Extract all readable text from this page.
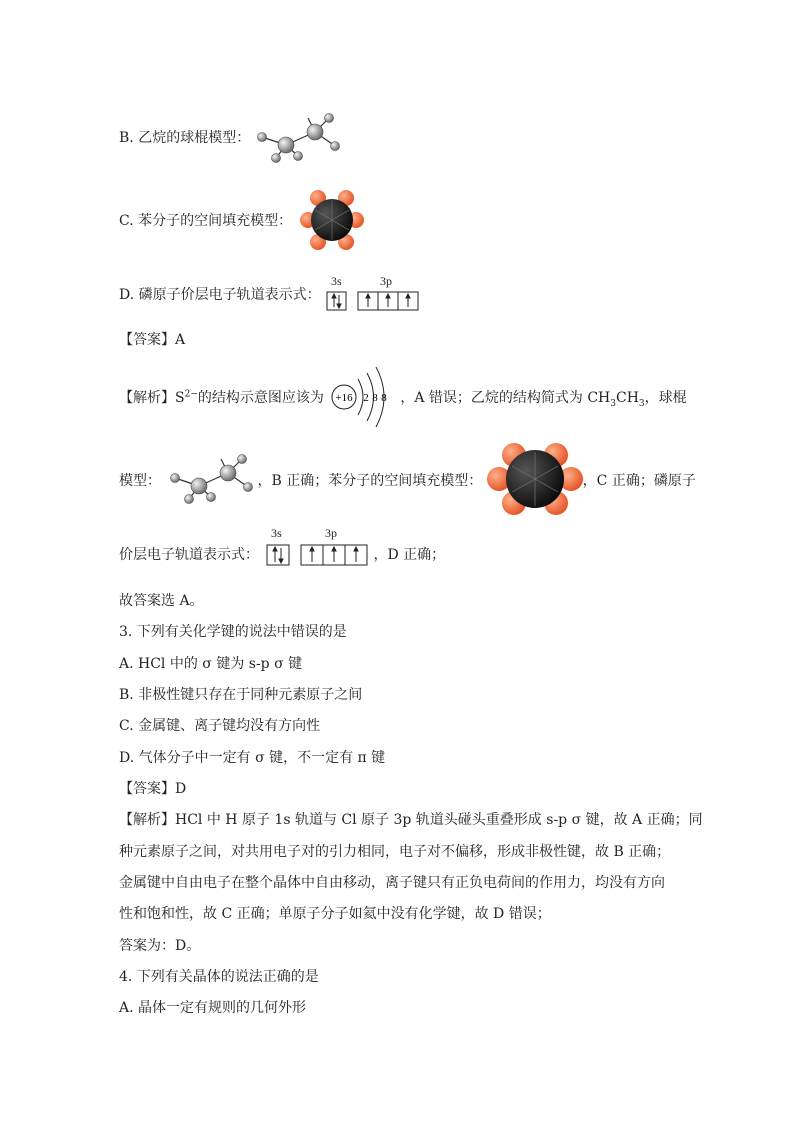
B. 乙烷的球棍模型：
C. 苯分子的空间填充模型：
D. 磷原子价层电子轨道表示式：
3s	3p
【答案】A
【解析】$S^{2-}$的结构示意图应该为 +16 2 8 8 ，A 错误；乙烷的结构简式为 $CH_3CH_3$，球棍
模型：	，B 正确；苯分子的空间填充模型：	，C 正确；磷原子
价层电子轨道表示式：
3s	3p
，D 正确；
故答案选 A。
3. 下列有关化学键的说法中错误的是
A. HCl 中的 σ 键为 s-p σ 键
B. 非极性键只存在于同种元素原子之间
C. 金属键、离子键均没有方向性
D. 气体分子中一定有 σ 键，不一定有 π 键
【答案】D
【解析】HCl 中 H 原子 1s 轨道与 Cl 原子 3p 轨道头碰头重叠形成 s-p σ 键，故 A 正确；同
种元素原子之间，对共用电子对的引力相同，电子对不偏移，形成非极性键，故 B 正确；
金属键中自由电子在整个晶体中自由移动，离子键只有正负电荷间的作用力，均没有方向
性和饱和性，故 C 正确；单原子分子如氦中没有化学键，故 D 错误；
答案为：D。
4. 下列有关晶体的说法正确的是
A. 晶体一定有规则的几何外形
